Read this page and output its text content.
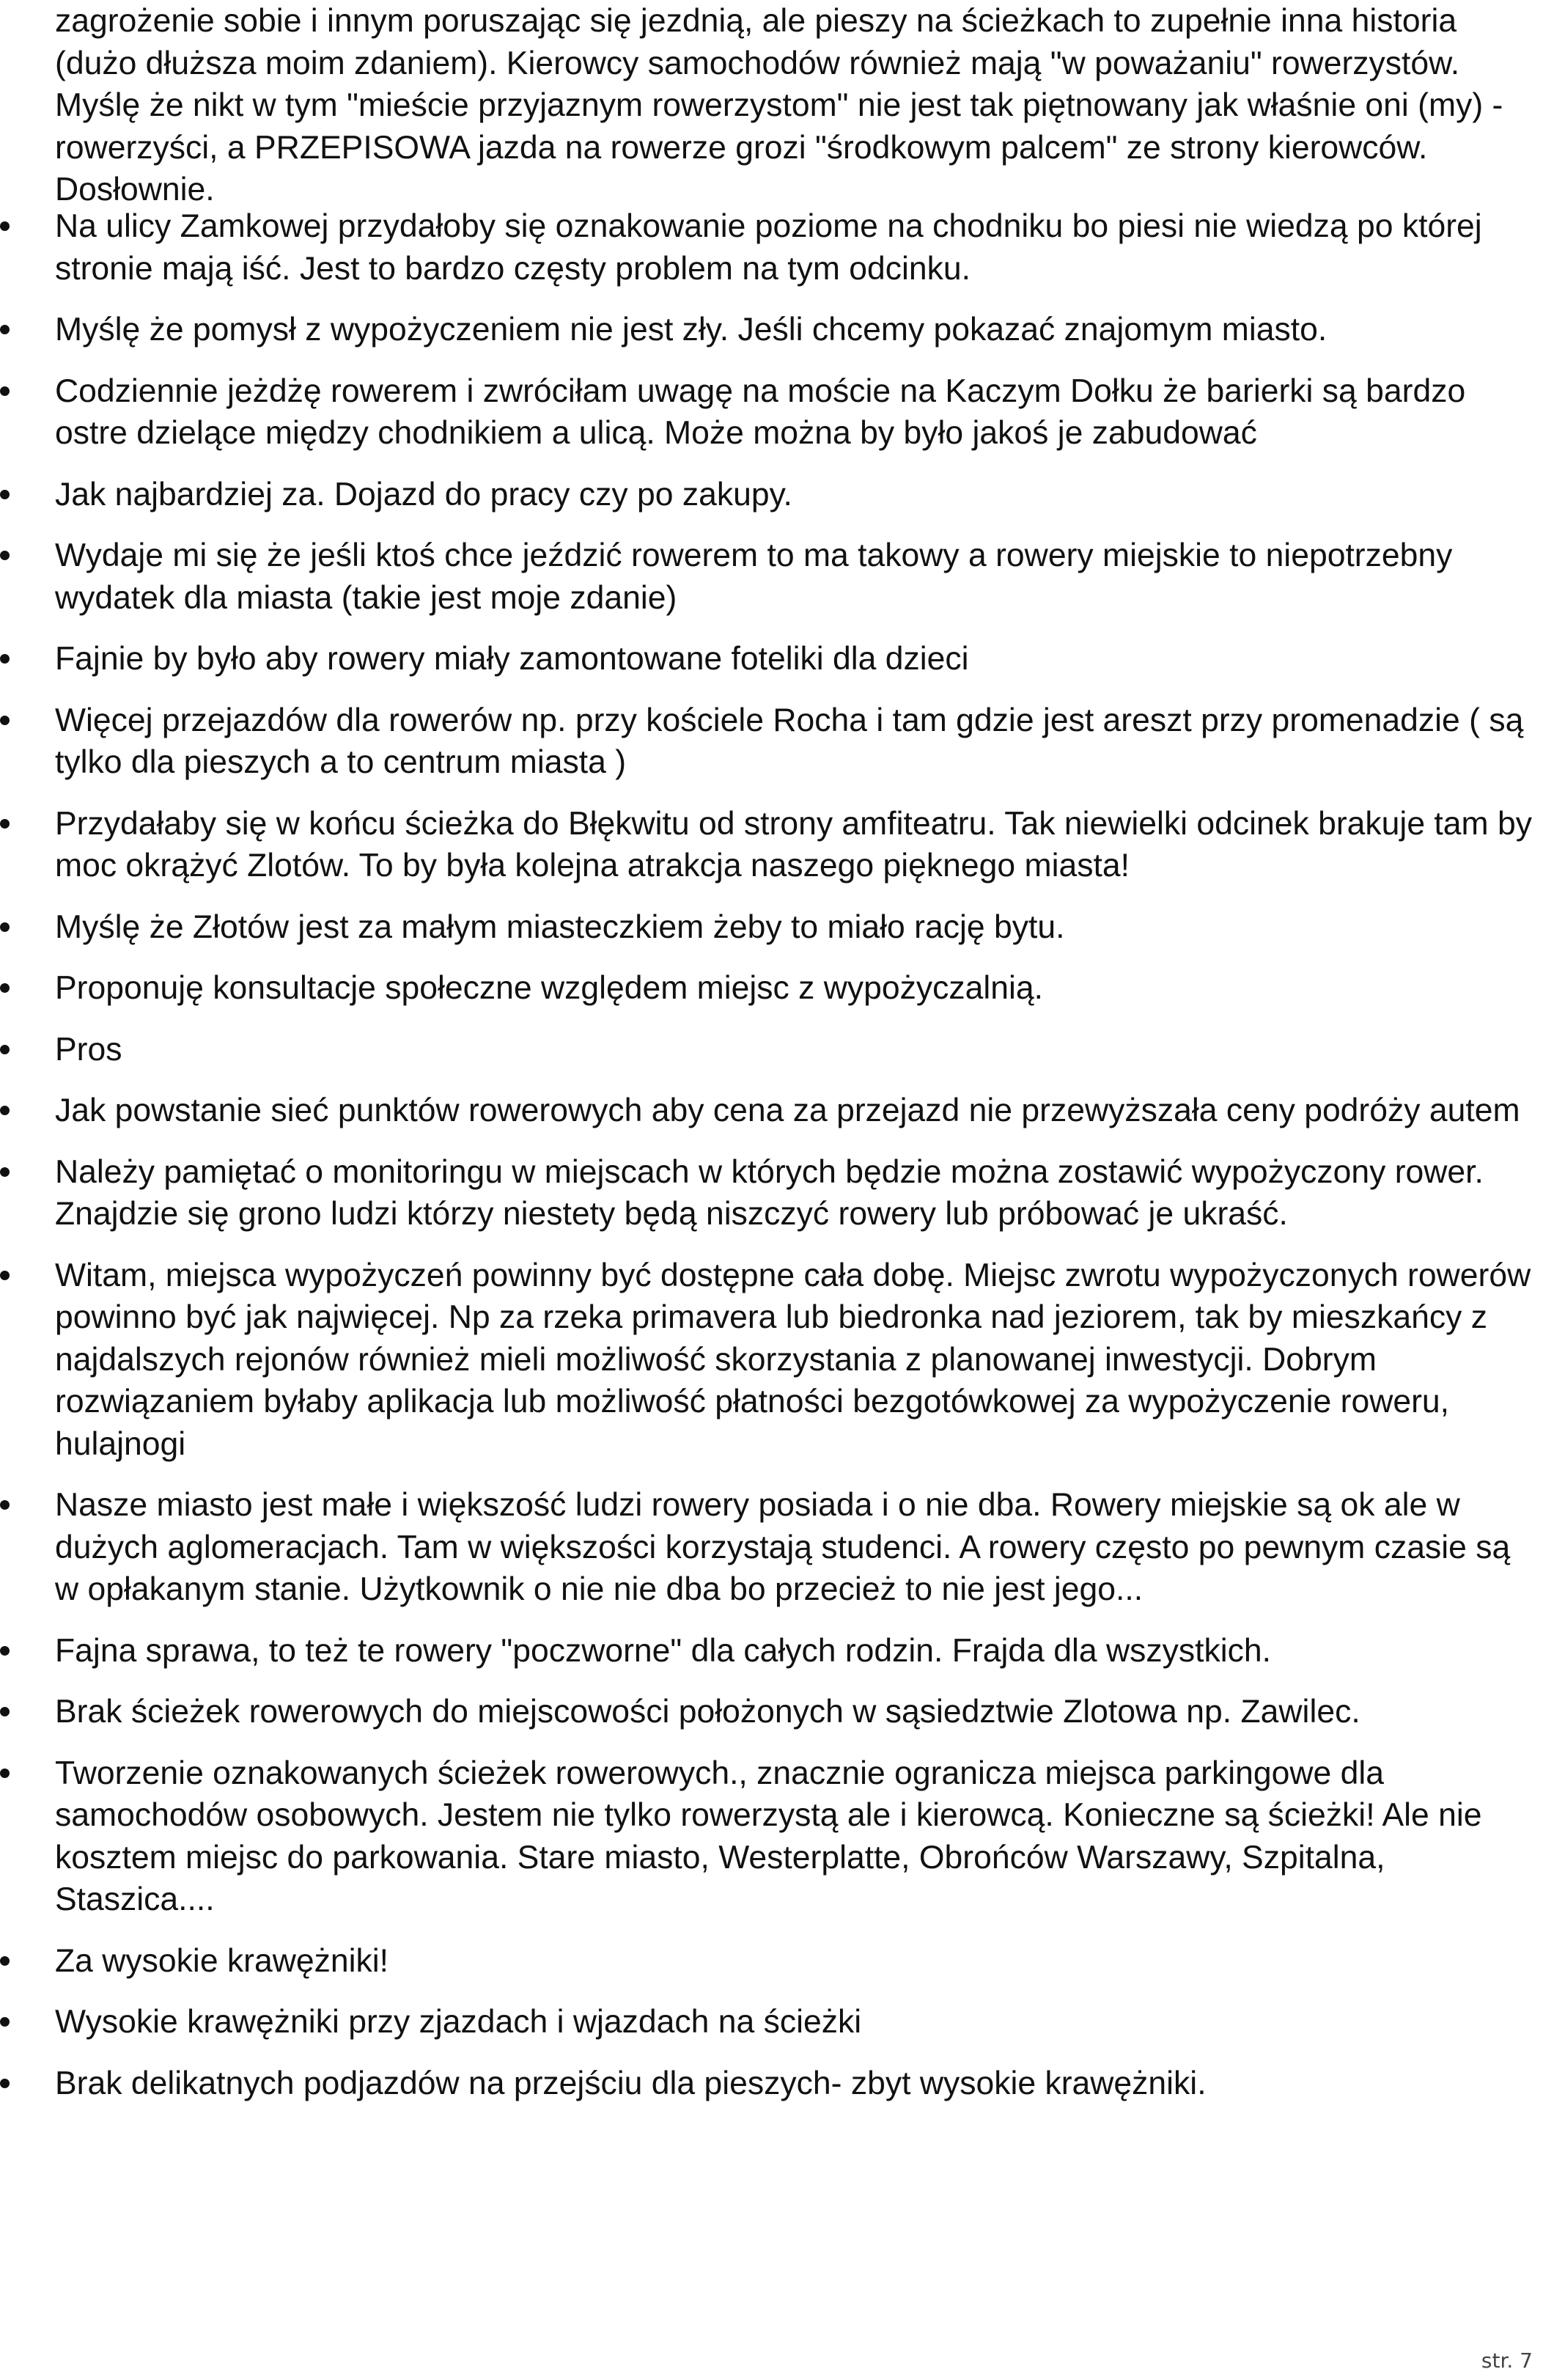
zagrożenie sobie i innym poruszając się jezdnią, ale pieszy na ścieżkach to zupełnie inna historia (dużo dłuższa moim zdaniem). Kierowcy samochodów również mają "w poważaniu" rowerzystów. Myślę że nikt w tym "mieście przyjaznym rowerzystom" nie jest tak piętnowany jak właśnie oni (my) - rowerzyści, a PRZEPISOWA jazda na rowerze grozi "środkowym palcem" ze strony kierowców. Dosłownie.

Na ulicy Zamkowej przydałoby się oznakowanie poziome na chodniku bo piesi nie wiedzą po której stronie mają iść. Jest to bardzo częsty problem na tym odcinku.
Myślę że pomysł z wypożyczeniem nie jest zły. Jeśli chcemy pokazać znajomym miasto.
Codziennie jeżdżę rowerem i zwróciłam uwagę na moście na Kaczym Dołku że barierki są bardzo ostre dzielące między chodnikiem a ulicą. Może można by było jakoś je zabudować
Jak najbardziej za. Dojazd do pracy czy po zakupy.
Wydaje mi się że jeśli ktoś chce jeździć rowerem to ma takowy a rowery miejskie to niepotrzebny wydatek dla miasta (takie jest moje zdanie)
Fajnie by było aby rowery miały zamontowane foteliki dla dzieci
Więcej przejazdów dla rowerów np. przy kościele Rocha i tam gdzie jest areszt przy promenadzie ( są tylko dla pieszych a to centrum miasta )
Przydałaby się w końcu ścieżka do Błękwitu od strony amfiteatru. Tak niewielki odcinek brakuje tam by moc okrążyć Zlotów. To by była kolejna atrakcja naszego pięknego miasta!
Myślę że Złotów jest za małym miasteczkiem żeby to miało rację bytu.
Proponuję konsultacje społeczne względem miejsc z wypożyczalnią.
Pros
Jak powstanie sieć punktów rowerowych aby cena za przejazd nie przewyższała ceny podróży autem
Należy pamiętać o monitoringu w miejscach w których będzie można zostawić wypożyczony rower. Znajdzie się grono ludzi którzy niestety będą niszczyć rowery lub próbować je ukraść.
Witam, miejsca wypożyczeń powinny być dostępne cała dobę. Miejsc zwrotu wypożyczonych rowerów powinno być jak najwięcej. Np za rzeka primavera lub biedronka nad jeziorem, tak by mieszkańcy z najdalszych rejonów również mieli możliwość skorzystania z planowanej inwestycji. Dobrym rozwiązaniem byłaby aplikacja lub możliwość płatności bezgotówkowej za wypożyczenie roweru, hulajnogi
Nasze miasto jest małe i większość ludzi rowery posiada i o nie dba. Rowery miejskie są ok ale w dużych aglomeracjach. Tam w większości korzystają studenci. A rowery często po pewnym czasie są w opłakanym stanie. Użytkownik o nie nie dba bo przecież to nie jest jego...
Fajna sprawa, to też te rowery "poczworne" dla całych rodzin. Frajda dla wszystkich.
Brak ścieżek rowerowych do miejscowości położonych w sąsiedztwie Zlotowa np. Zawilec.
Tworzenie oznakowanych ścieżek rowerowych., znacznie ogranicza miejsca parkingowe dla samochodów osobowych. Jestem nie tylko rowerzystą ale i kierowcą. Konieczne są ścieżki! Ale nie kosztem miejsc do parkowania. Stare miasto, Westerplatte, Obrońców Warszawy, Szpitalna, Staszica....
Za wysokie krawężniki!
Wysokie krawężniki przy zjazdach i wjazdach na ścieżki
Brak delikatnych podjazdów na przejściu dla pieszych- zbyt wysokie krawężniki.
str. 7
